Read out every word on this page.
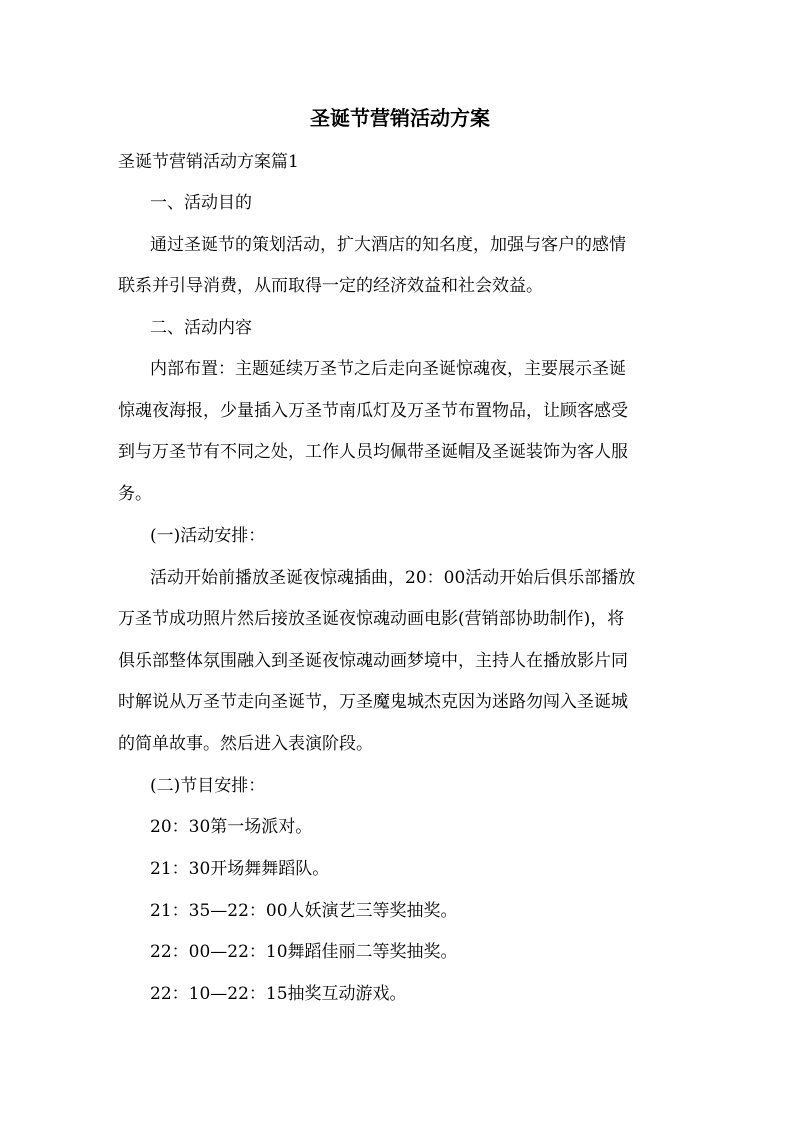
圣诞节营销活动方案

圣诞节营销活动方案篇1

一、活动目的

通过圣诞节的策划活动，扩大酒店的知名度，加强与客户的感情

联系并引导消费，从而取得一定的经济效益和社会效益。

二、活动内容

内部布置：主题延续万圣节之后走向圣诞惊魂夜，主要展示圣诞

惊魂夜海报，少量插入万圣节南瓜灯及万圣节布置物品，让顾客感受

到与万圣节有不同之处，工作人员均佩带圣诞帽及圣诞装饰为客人服

务。

(一)活动安排：

活动开始前播放圣诞夜惊魂插曲，20：00活动开始后俱乐部播放

万圣节成功照片然后接放圣诞夜惊魂动画电影(营销部协助制作)，将

俱乐部整体氛围融入到圣诞夜惊魂动画梦境中，主持人在播放影片同

时解说从万圣节走向圣诞节，万圣魔鬼城杰克因为迷路勿闯入圣诞城

的简单故事。然后进入表演阶段。

(二)节目安排：

20：30第一场派对。

21：30开场舞舞蹈队。

21：35—22：00人妖演艺三等奖抽奖。

22：00—22：10舞蹈佳丽二等奖抽奖。

22：10—22：15抽奖互动游戏。
